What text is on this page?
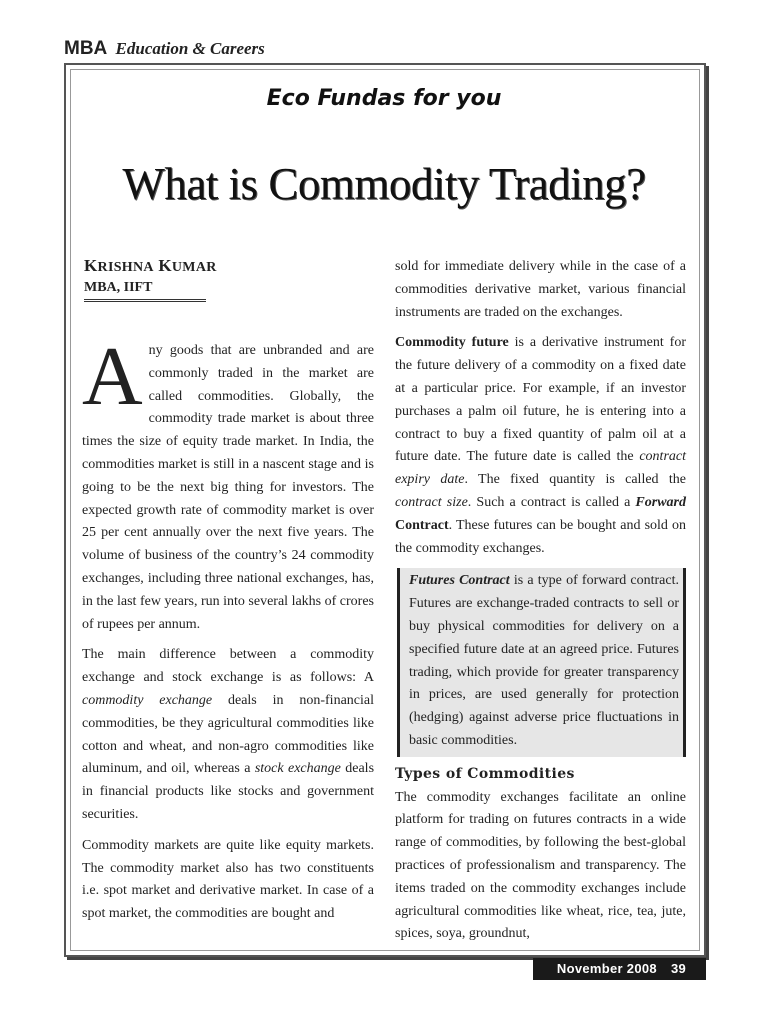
MBA Education & Careers
Eco Fundas for you
What is Commodity Trading?
KRISHNA KUMAR
MBA, IIFT

Any goods that are unbranded and are commonly traded in the market are called commodities. Globally, the commodity trade market is about three times the size of equity trade market. In India, the commodities market is still in a nascent stage and is going to be the next big thing for investors. The expected growth rate of commodity market is over 25 per cent annually over the next five years. The volume of business of the country’s 24 commodity exchanges, including three national exchanges, has, in the last few years, run into several lakhs of crores of rupees per annum.

The main difference between a commodity exchange and stock exchange is as follows: A commodity exchange deals in non-financial commodities, be they agricultural commodities like cotton and wheat, and non-agro commodities like aluminum, and oil, whereas a stock exchange deals in financial products like stocks and government securities.

Commodity markets are quite like equity markets. The commodity market also has two constituents i.e. spot market and derivative market. In case of a spot market, the commodities are bought and

sold for immediate delivery while in the case of a commodities derivative market, various financial instruments are traded on the exchanges.

Commodity future is a derivative instrument for the future delivery of a commodity on a fixed date at a particular price. For example, if an investor purchases a palm oil future, he is entering into a contract to buy a fixed quantity of palm oil at a future date. The future date is called the contract expiry date. The fixed quantity is called the contract size. Such a contract is called a Forward Contract. These futures can be bought and sold on the commodity exchanges.

Futures Contract is a type of forward contract. Futures are exchange-traded contracts to sell or buy physical commodities for delivery on a specified future date at an agreed price. Futures trading, which provide for greater transparency in prices, are used generally for protection (hedging) against adverse price fluctuations in basic commodities.
Types of Commodities

The commodity exchanges facilitate an online platform for trading on futures contracts in a wide range of commodities, by following the best-global practices of professionalism and transparency. The items traded on the commodity exchanges include agricultural commodities like wheat, rice, tea, jute, spices, soya, groundnut,

November 2008 39
